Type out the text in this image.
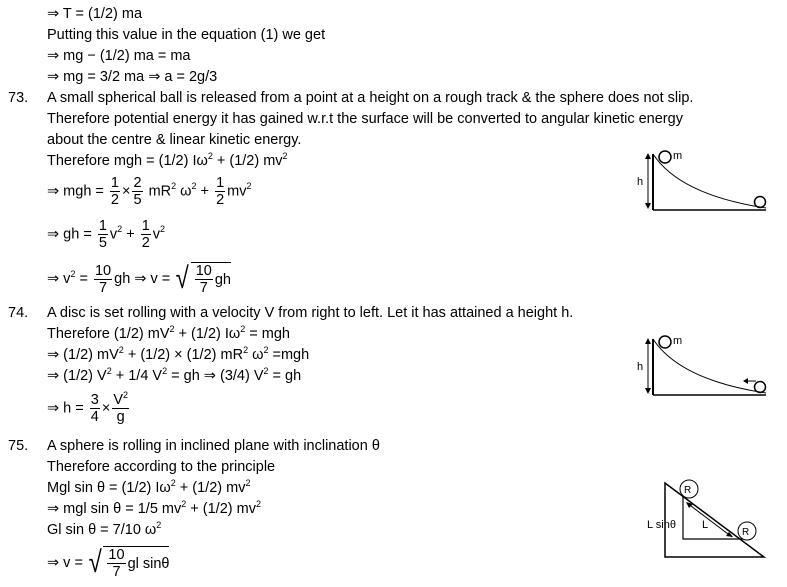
⇒ T = (1/2) ma
Putting this value in the equation (1) we get
⇒ mg − (1/2) ma = ma
⇒ mg = 3/2 ma ⇒ a = 2g/3
73. A small spherical ball is released from a point at a height on a rough track & the sphere does not slip.
Therefore potential energy it has gained w.r.t the surface will be converted to angular kinetic energy
about the centre & linear kinetic energy.
Therefore mgh = (1/2) $I\omega^2 + (1/2)$ $mv^2$
⇒ mgh = $\frac{1}{2} \times \frac{2}{5} mR^2$ $\omega^2 + \frac{1}{2} mv^2$
⇒ gh = $\frac{1}{5} v^2 + \frac{1}{2} v^2$
⇒ $v^2 = \frac{10}{7}$ gh ⇒ v = √ 10
7
gh
74. A disc is set rolling with a velocity V from right to left. Let it has attained a height h.
Therefore (1/2) $mV^2 + (1/2) I\omega^2$ = mgh
⇒ (1/2) $mV^2 + (1/2) \times (1/2)$ $mR^2$ $\omega^2 =mgh$
⇒ (1/2) $V^2 + 1/4$ $V^2$ = gh ⇒ (3/4) $V^2$ = gh
⇒ $h = \frac{3}{4} \times \frac{V^2}{g}$
75. A sphere is rolling in inclined plane with inclination θ
Therefore according to the principle
Mgl sin θ = (1/2) $I\omega^2 + (1/2)$ $mv^2$
⇒ mgl sin θ = 1/5 $mv^2 + (1/2)$ $mv^2$
Gl sin θ = 7/10 $\omega^2$
⇒ v = √ 10
7
gl sinθ
m
h
m
h
R
R
L sinθ L
